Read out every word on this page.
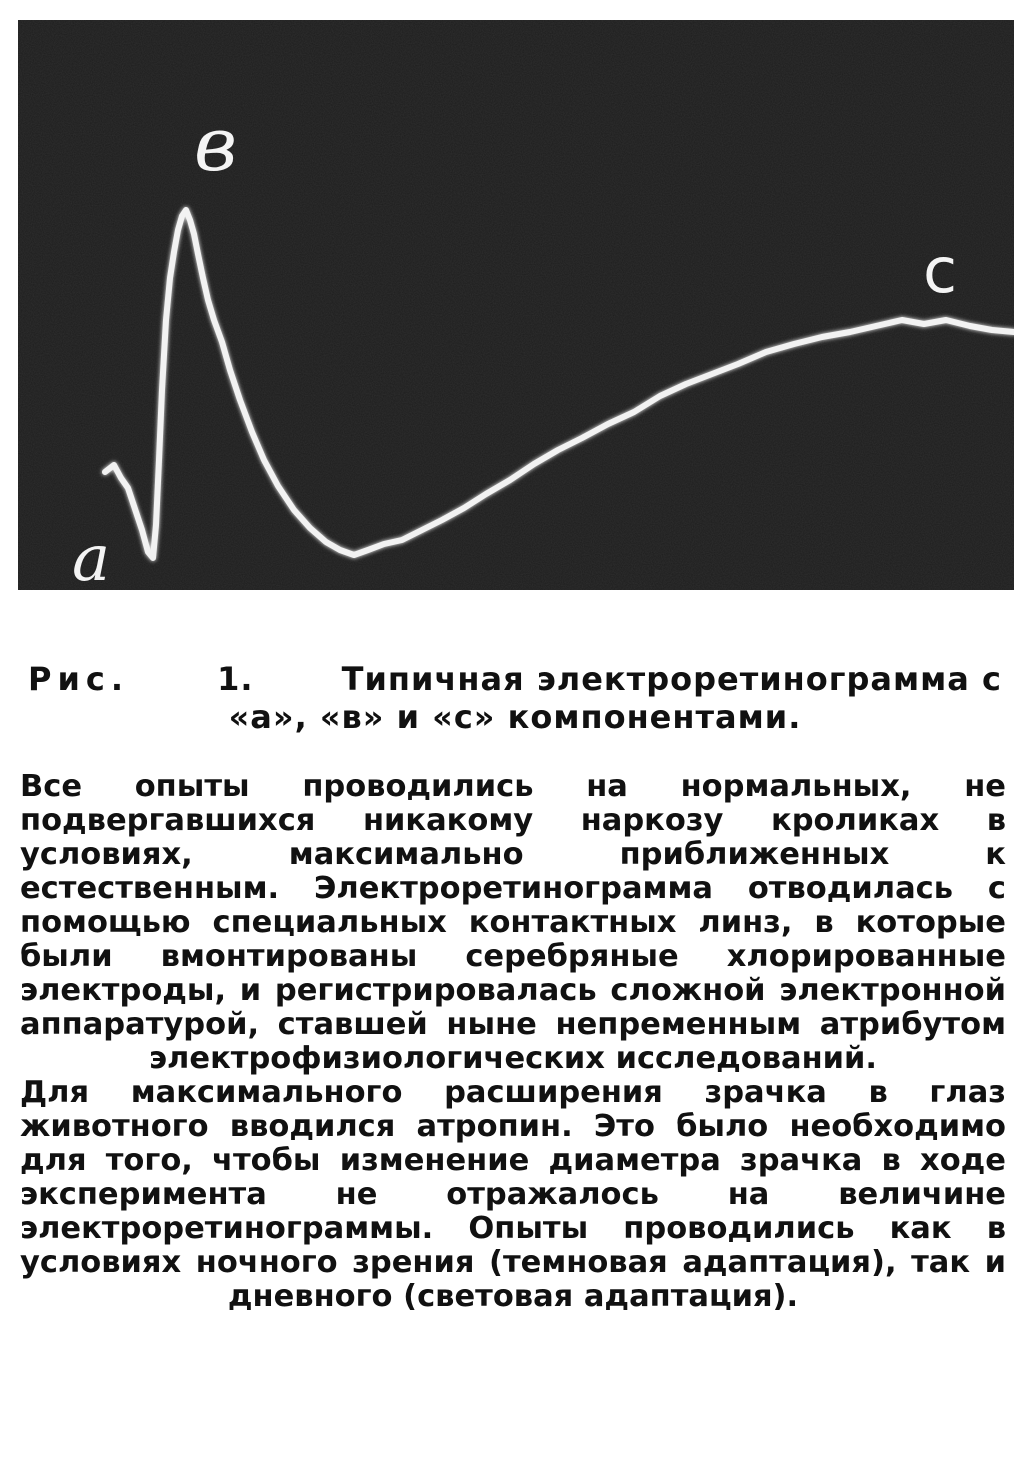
в
а
с
Рис.	1.	Типичная электроретинограмма с
«а», «в» и «с» компонентами.

Все опыты проводились на нормальных, не подвергавшихся никакому наркозу кроликах в условиях, максимально приближенных к естественным. Электроретинограмма отводилась с помощью специальных контактных линз, в которые были вмонтированы серебряные хлорированные электроды, и регистрировалась сложной электронной аппаратурой, ставшей ныне непременным атрибутом электрофизиологических исследований.

Для максимального расширения зрачка в глаз животного вводился атропин. Это было необходимо для того, чтобы изменение диаметра зрачка в ходе эксперимента не отражалось на величине электроретинограммы. Опыты проводились как в условиях ночного зрения (темновая адаптация), так и дневного (световая адаптация).
